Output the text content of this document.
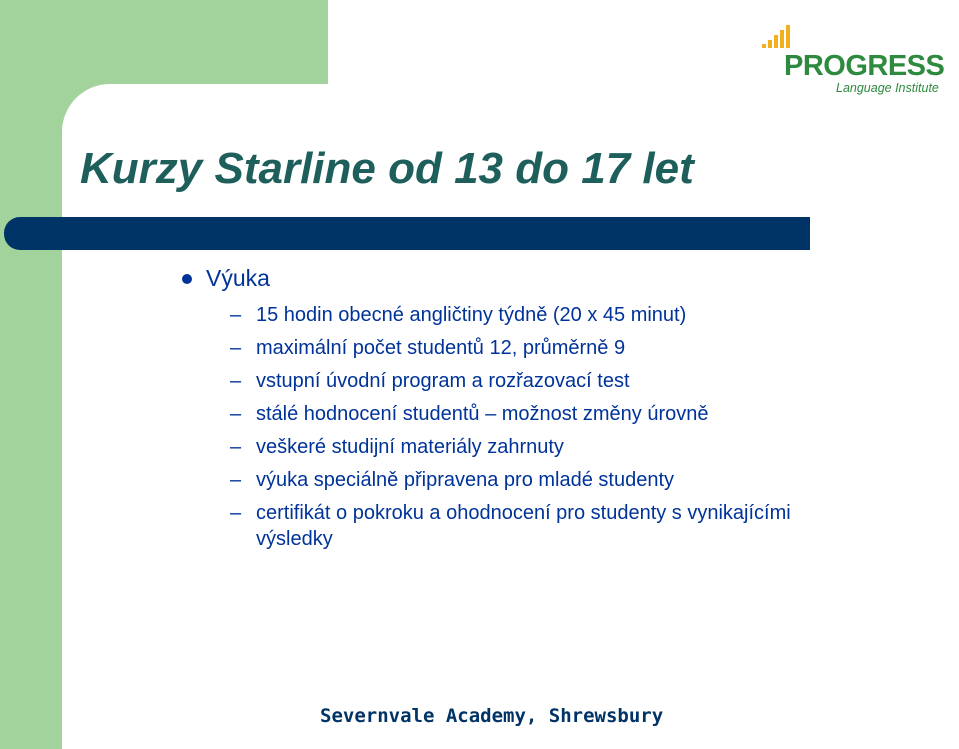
PROGRESS
Language Institute
Kurzy Starline od 13 do 17 let
Výuka
– 15 hodin obecné angličtiny týdně (20 x 45 minut)
– maximální počet studentů 12, průměrně 9
– vstupní úvodní program a rozřazovací test
– stálé hodnocení studentů – možnost změny úrovně
– veškeré studijní materiály zahrnuty
– výuka speciálně připravena pro mladé studenty
– certifikát o pokroku a ohodnocení pro studenty s vynikajícími výsledky
Severnvale Academy, Shrewsbury
